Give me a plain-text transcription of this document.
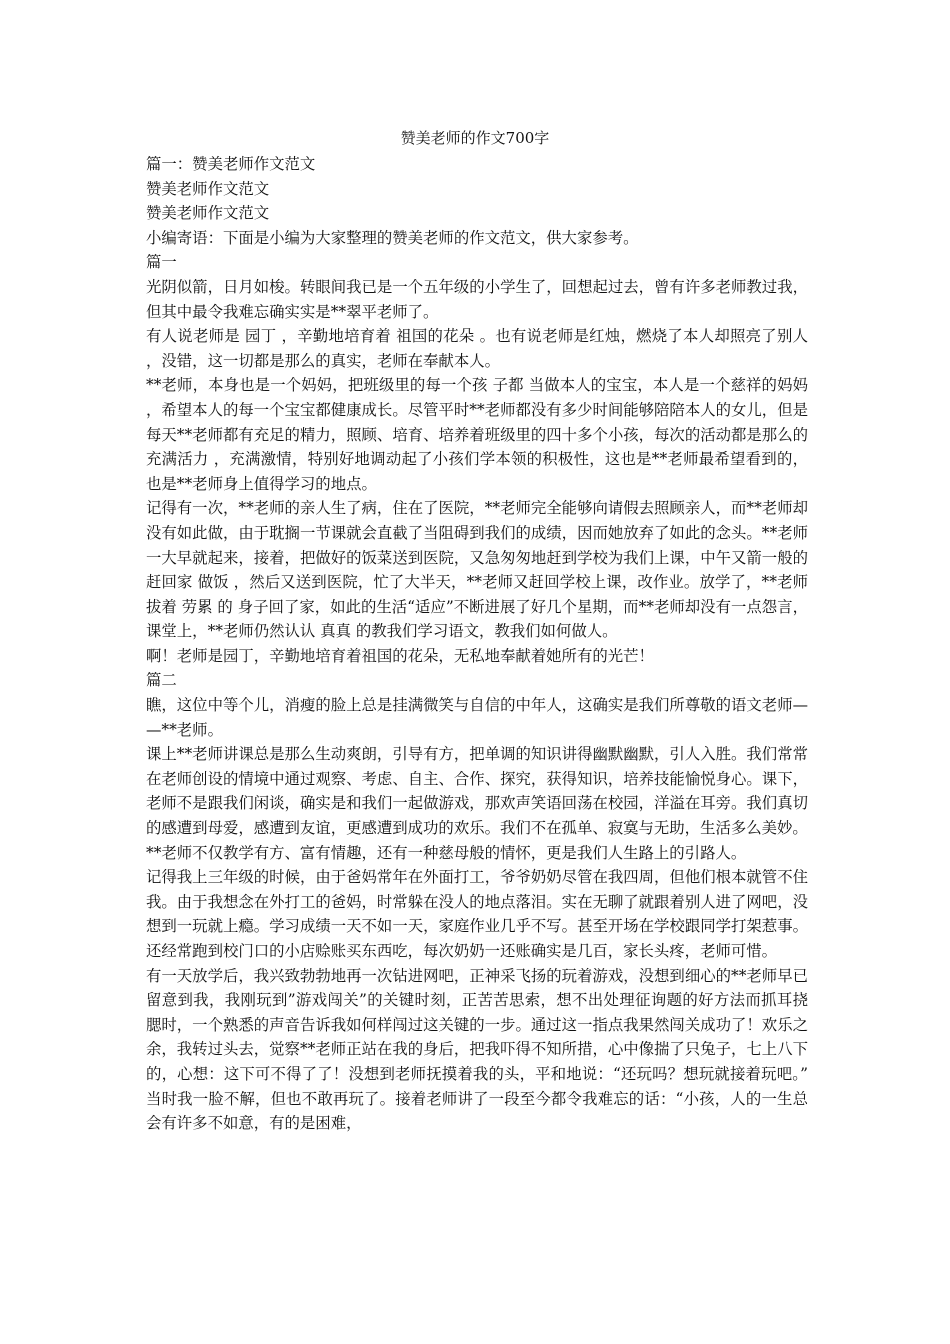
赞美老师的作文700字

篇一：赞美老师作文范文

赞美老师作文范文

赞美老师作文范文

小编寄语：下面是小编为大家整理的赞美老师的作文范文，供大家参考。

篇一

光阴似箭，日月如梭。转眼间我已是一个五年级的小学生了，回想起过去，曾有许多老师教过我，但其中最令我难忘确实实是**翠平老师了。

有人说老师是 园丁 ，辛勤地培育着 祖国的花朵 。也有说老师是红烛，燃烧了本人却照亮了别人，没错，这一切都是那么的真实，老师在奉献本人。

**老师，本身也是一个妈妈，把班级里的每一个孩 子都 当做本人的宝宝，本人是一个慈祥的妈妈，希望本人的每一个宝宝都健康成长。尽管平时**老师都没有多少时间能够陪陪本人的女儿，但是每天**老师都有充足的精力，照顾、培育、培养着班级里的四十多个小孩，每次的活动都是那么的 充满活力 ，充满激情，特别好地调动起了小孩们学本领的积极性，这也是**老师最希望看到的，也是**老师身上值得学习的地点。

记得有一次，**老师的亲人生了病，住在了医院，**老师完全能够向请假去照顾亲人，而**老师却没有如此做，由于耽搁一节课就会直截了当阻碍到我们的成绩，因而她放弃了如此的念头。**老师一大早就起来，接着，把做好的饭菜送到医院，又急匆匆地赶到学校为我们上课，中午又箭一般的赶回家 做饭 ，然后又送到医院，忙了大半天，**老师又赶回学校上课，改作业。放学了，**老师拔着 劳累 的 身子回了家，如此的生活“适应”不断进展了好几个星期，而**老师却没有一点怨言，课堂上，**老师仍然认认 真真 的教我们学习语文，教我们如何做人。

啊！老师是园丁，辛勤地培育着祖国的花朵，无私地奉献着她所有的光芒！

篇二

瞧，这位中等个儿，消瘦的脸上总是挂满微笑与自信的中年人，这确实是我们所尊敬的语文老师——**老师。

课上**老师讲课总是那么生动爽朗，引导有方，把单调的知识讲得幽默幽默，引人入胜。我们常常在老师创设的情境中通过观察、考虑、自主、合作、探究，获得知识，培养技能愉悦身心。课下，老师不是跟我们闲谈，确实是和我们一起做游戏，那欢声笑语回荡在校园，洋溢在耳旁。我们真切的感遭到母爱，感遭到友谊，更感遭到成功的欢乐。我们不在孤单、寂寞与无助，生活多么美妙。

**老师不仅教学有方、富有情趣，还有一种慈母般的情怀，更是我们人生路上的引路人。

记得我上三年级的时候，由于爸妈常年在外面打工，爷爷奶奶尽管在我四周，但他们根本就管不住我。由于我想念在外打工的爸妈，时常躲在没人的地点落泪。实在无聊了就跟着别人进了网吧，没想到一玩就上瘾。学习成绩一天不如一天，家庭作业几乎不写。甚至开场在学校跟同学打架惹事。还经常跑到校门口的小店赊账买东西吃，每次奶奶一还账确实是几百，家长头疼，老师可惜。

有一天放学后，我兴致勃勃地再一次钻进网吧，正神采飞扬的玩着游戏，没想到细心的**老师早已留意到我，我刚玩到”游戏闯关”的关键时刻，正苦苦思索，想不出处理征询题的好方法而抓耳挠腮时，一个熟悉的声音告诉我如何样闯过这关键的一步。通过这一指点我果然闯关成功了！欢乐之余，我转过头去，觉察**老师正站在我的身后，把我吓得不知所措，心中像揣了只兔子，七上八下的，心想：这下可不得了了！没想到老师抚摸着我的头，平和地说：“还玩吗？想玩就接着玩吧。”当时我一脸不解，但也不敢再玩了。接着老师讲了一段至今都令我难忘的话：“小孩，人的一生总会有许多不如意，有的是困难，
